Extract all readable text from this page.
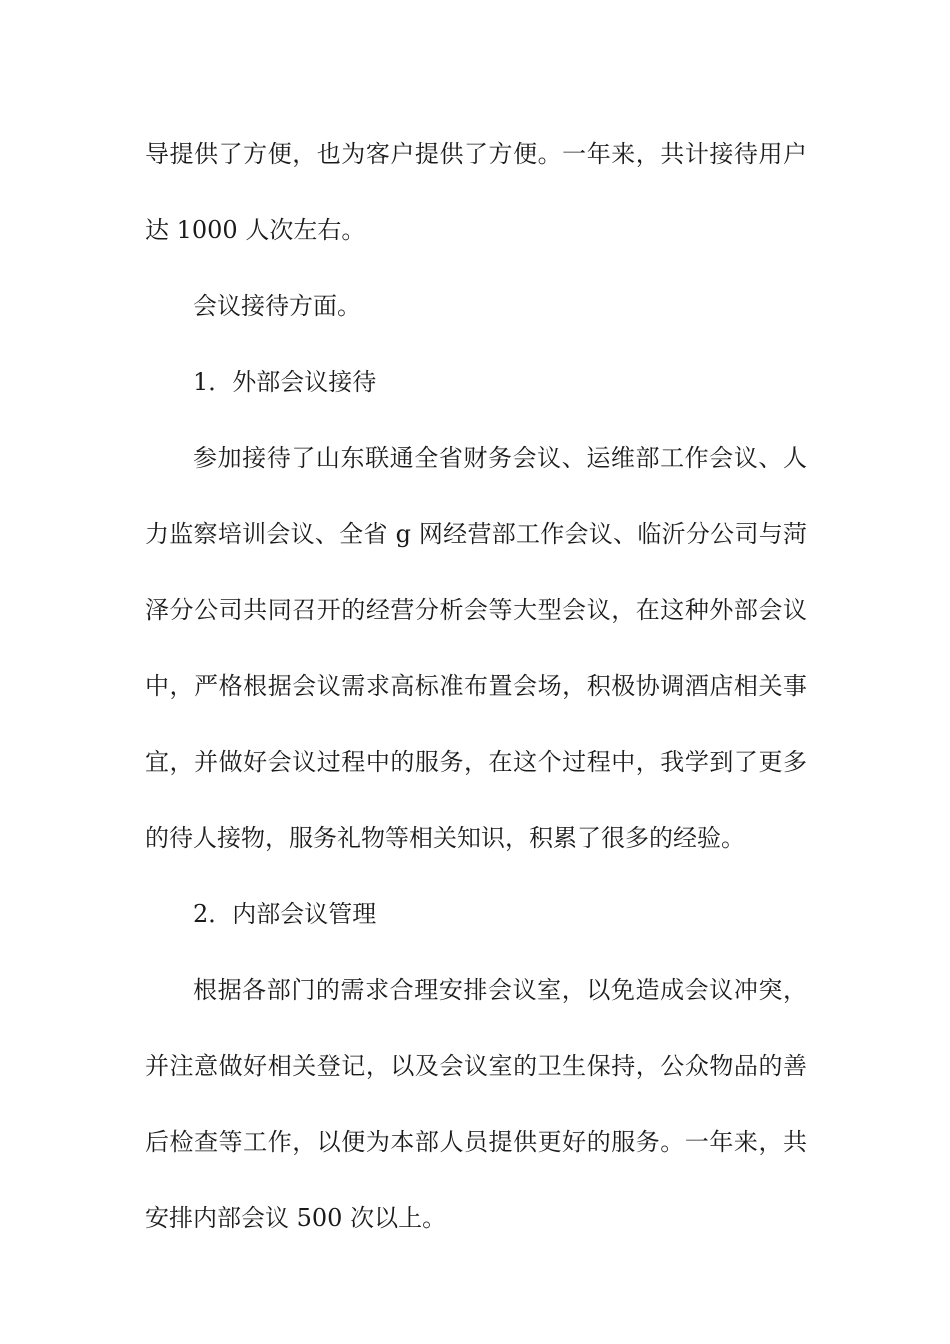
导提供了方便，也为客户提供了方便。一年来，共计接待用户
达 1000 人次左右。
会议接待方面。
1．外部会议接待
参加接待了山东联通全省财务会议、运维部工作会议、人
力监察培训会议、全省 g 网经营部工作会议、临沂分公司与菏
泽分公司共同召开的经营分析会等大型会议，在这种外部会议
中，严格根据会议需求高标准布置会场，积极协调酒店相关事
宜，并做好会议过程中的服务，在这个过程中，我学到了更多
的待人接物，服务礼物等相关知识，积累了很多的经验。
2．内部会议管理
根据各部门的需求合理安排会议室，以免造成会议冲突，
并注意做好相关登记，以及会议室的卫生保持，公众物品的善
后检查等工作，以便为本部人员提供更好的服务。一年来，共
安排内部会议 500 次以上。
